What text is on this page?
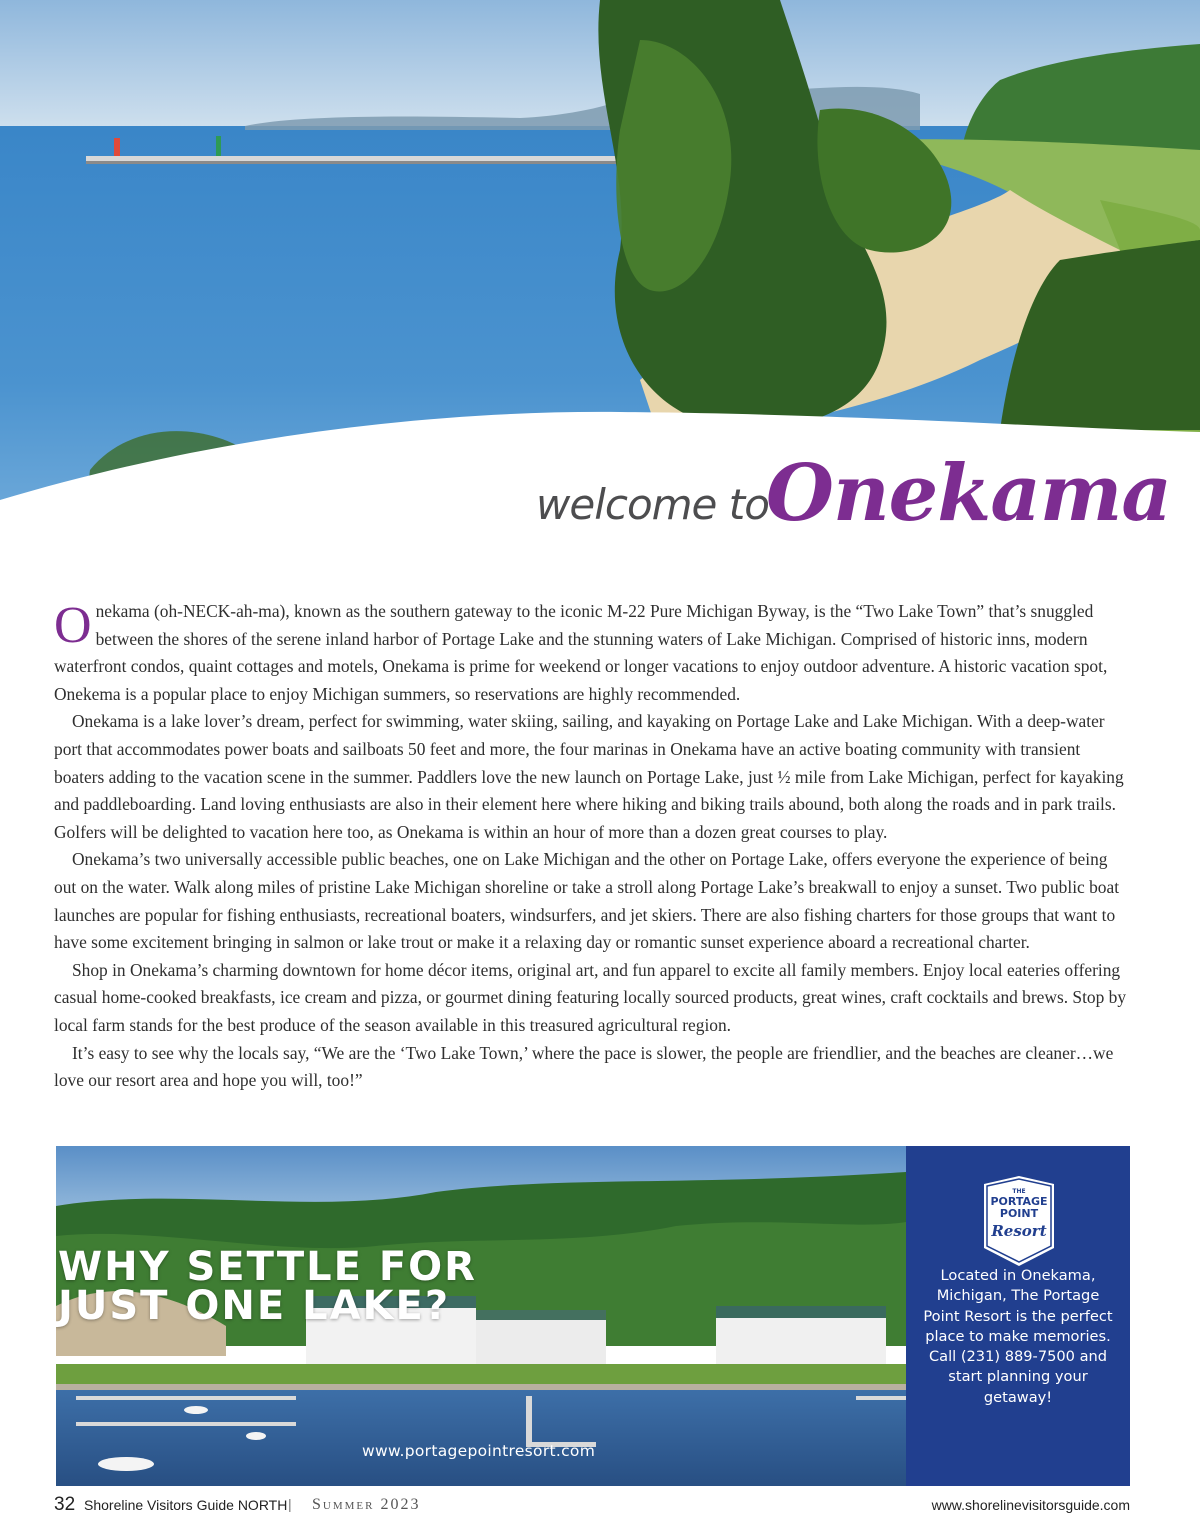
welcome to
Onekama

Onekama (oh-NECK-ah-ma), known as the southern gateway to the iconic M-22 Pure Michigan Byway, is the “Two Lake Town” that’s snuggled between the shores of the serene inland harbor of Portage Lake and the stunning waters of Lake Michigan. Comprised of historic inns, modern waterfront condos, quaint cottages and motels, Onekama is prime for weekend or longer vacations to enjoy outdoor adventure. A historic vacation spot, Onekema is a popular place to enjoy Michigan summers, so reservations are highly recommended.

Onekama is a lake lover’s dream, perfect for swimming, water skiing, sailing, and kayaking on Portage Lake and Lake Michigan. With a deep-water port that accommodates power boats and sailboats 50 feet and more, the four marinas in Onekama have an active boating community with transient boaters adding to the vacation scene in the summer. Paddlers love the new launch on Portage Lake, just ½ mile from Lake Michigan, perfect for kayaking and paddleboarding. Land loving enthusiasts are also in their element here where hiking and biking trails abound, both along the roads and in park trails. Golfers will be delighted to vacation here too, as Onekama is within an hour of more than a dozen great courses to play.

Onekama’s two universally accessible public beaches, one on Lake Michigan and the other on Portage Lake, offers everyone the experience of being out on the water. Walk along miles of pristine Lake Michigan shoreline or take a stroll along Portage Lake’s breakwall to enjoy a sunset. Two public boat launches are popular for fishing enthusiasts, recreational boaters, windsurfers, and jet skiers. There are also fishing charters for those groups that want to have some excitement bringing in salmon or lake trout or make it a relaxing day or romantic sunset experience aboard a recreational charter.

Shop in Onekama’s charming downtown for home décor items, original art, and fun apparel to excite all family members. Enjoy local eateries offering casual home-cooked breakfasts, ice cream and pizza, or gourmet dining featuring locally sourced products, great wines, craft cocktails and brews. Stop by local farm stands for the best produce of the season available in this treasured agricultural region.

It’s easy to see why the locals say, “We are the ‘Two Lake Town,’ where the pace is slower, the people are friendlier, and the beaches are cleaner…we love our resort area and hope you will, too!”

WHY SETTLE FOR
JUST ONE LAKE?
www.portagepointresort.com
THE
PORTAGE
POINT
Resort

Located in Onekama, Michigan, The Portage Point Resort is the perfect place to make memories. Call (231) 889-7500 and start planning your getaway!

32 Shoreline Visitors Guide NORTH | Summer 2023	www.shorelinevisitorsguide.com
